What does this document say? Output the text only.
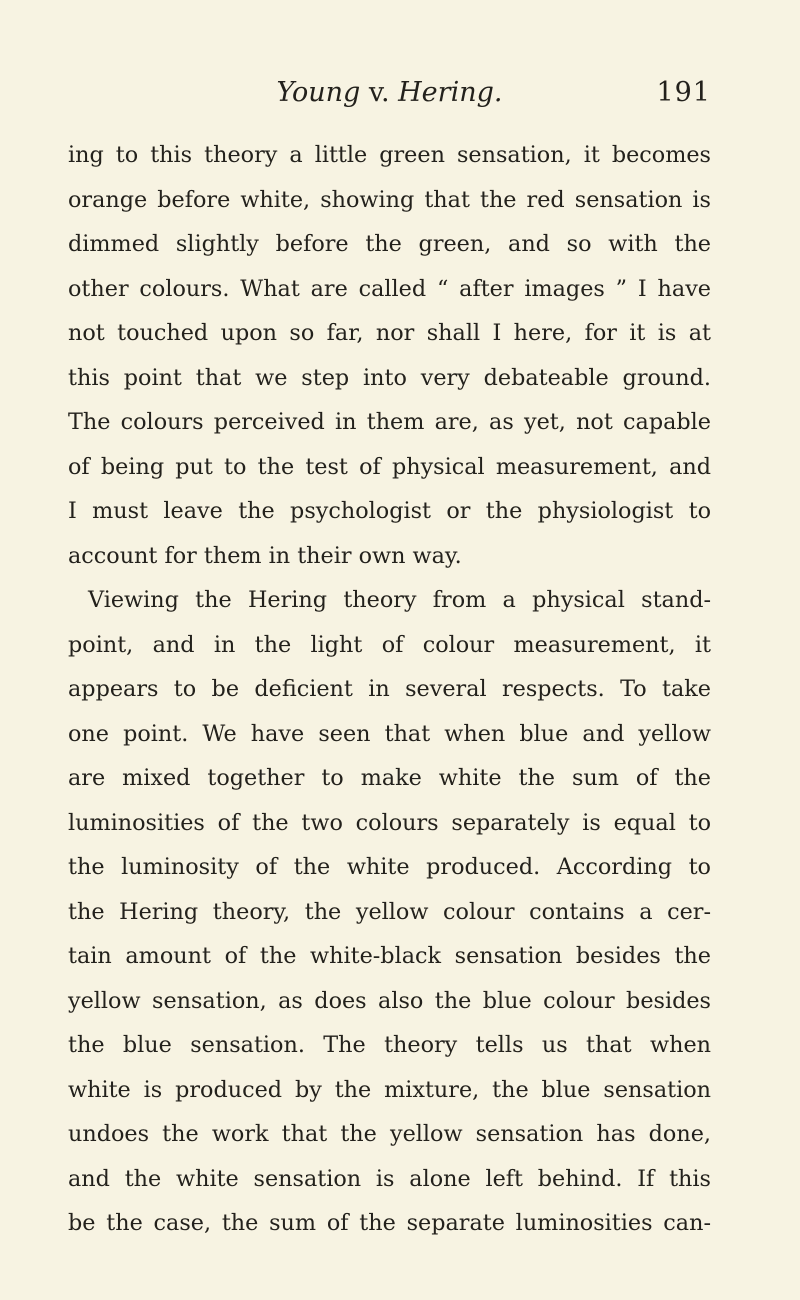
Young v. Hering.	191
ing to this theory a little green sensation, it becomes
orange before white, showing that the red sensation is
dimmed slightly before the green, and so with the
other colours. What are called “ after images ” I have
not touched upon so far, nor shall I here, for it is at
this point that we step into very debateable ground.
The colours perceived in them are, as yet, not capable
of being put to the test of physical measurement, and
I must leave the psychologist or the physiologist to
account for them in their own way.
Viewing the Hering theory from a physical stand-
point, and in the light of colour measurement, it
appears to be deficient in several respects. To take
one point. We have seen that when blue and yellow
are mixed together to make white the sum of the
luminosities of the two colours separately is equal to
the luminosity of the white produced. According to
the Hering theory, the yellow colour contains a cer-
tain amount of the white-black sensation besides the
yellow sensation, as does also the blue colour besides
the blue sensation. The theory tells us that when
white is produced by the mixture, the blue sensation
undoes the work that the yellow sensation has done,
and the white sensation is alone left behind. If this
be the case, the sum of the separate luminosities can-
